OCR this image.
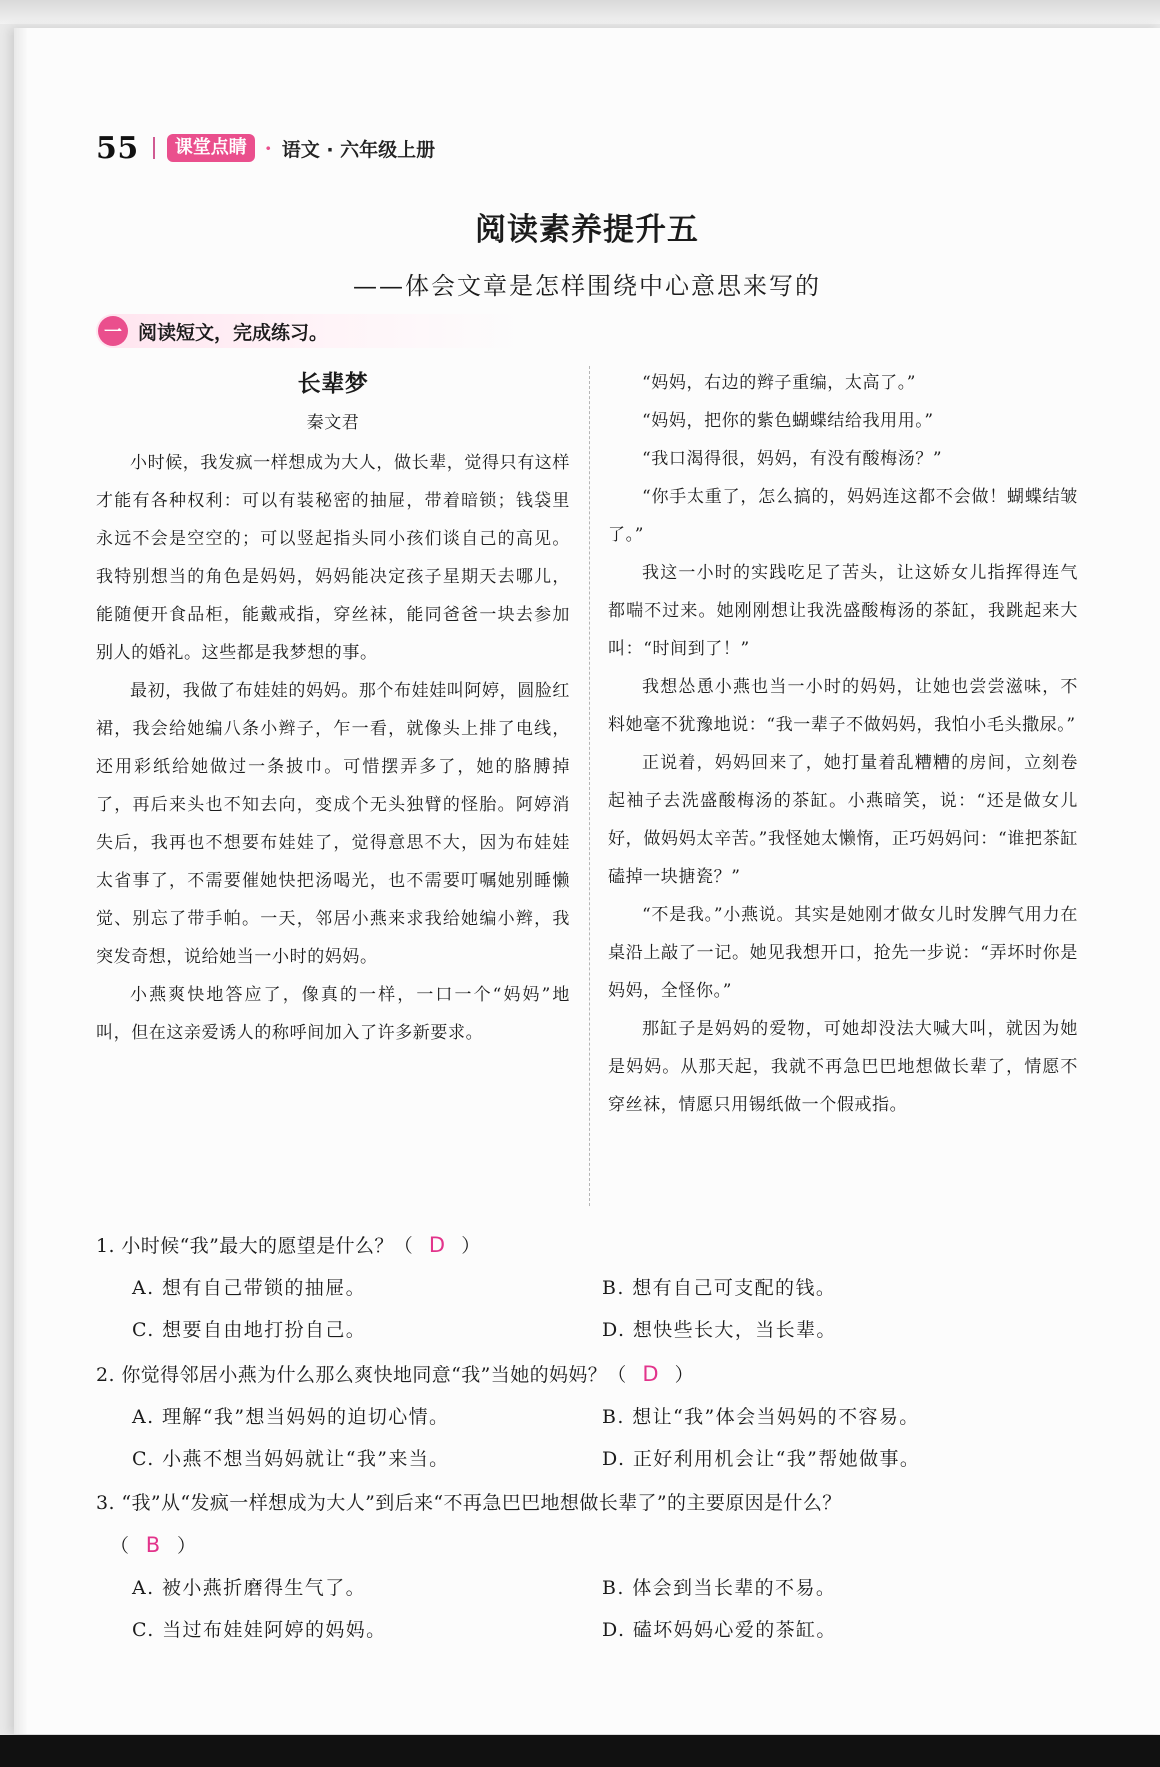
55	课堂点睛 · 语文 · 六年级上册
阅读素养提升五
——体会文章是怎样围绕中心意思来写的
一 阅读短文，完成练习。
长辈梦
秦文君

小时候，我发疯一样想成为大人，做长辈，觉得只有这样才能有各种权利：可以有装秘密的抽屉，带着暗锁；钱袋里永远不会是空空的；可以竖起指头同小孩们谈自己的高见。我特别想当的角色是妈妈，妈妈能决定孩子星期天去哪儿，能随便开食品柜，能戴戒指，穿丝袜，能同爸爸一块去参加别人的婚礼。这些都是我梦想的事。

最初，我做了布娃娃的妈妈。那个布娃娃叫阿婷，圆脸红裙，我会给她编八条小辫子，乍一看，就像头上排了电线，还用彩纸给她做过一条披巾。可惜摆弄多了，她的胳膊掉了，再后来头也不知去向，变成个无头独臂的怪胎。阿婷消失后，我再也不想要布娃娃了，觉得意思不大，因为布娃娃太省事了，不需要催她快把汤喝光，也不需要叮嘱她别睡懒觉、别忘了带手帕。一天，邻居小燕来求我给她编小辫，我突发奇想，说给她当一小时的妈妈。

小燕爽快地答应了，像真的一样，一口一个“妈妈”地叫，但在这亲爱诱人的称呼间加入了许多新要求。

“妈妈，右边的辫子重编，太高了。”

“妈妈，把你的紫色蝴蝶结给我用用。”

“我口渴得很，妈妈，有没有酸梅汤？”

“你手太重了，怎么搞的，妈妈连这都不会做！蝴蝶结皱了。”

我这一小时的实践吃足了苦头，让这娇女儿指挥得连气都喘不过来。她刚刚想让我洗盛酸梅汤的茶缸，我跳起来大叫：“时间到了！”

我想怂恿小燕也当一小时的妈妈，让她也尝尝滋味，不料她毫不犹豫地说：“我一辈子不做妈妈，我怕小毛头撒尿。”

正说着，妈妈回来了，她打量着乱糟糟的房间，立刻卷起袖子去洗盛酸梅汤的茶缸。小燕暗笑，说：“还是做女儿好，做妈妈太辛苦。”我怪她太懒惰，正巧妈妈问：“谁把茶缸磕掉一块搪瓷？”

“不是我。”小燕说。其实是她刚才做女儿时发脾气用力在桌沿上敲了一记。她见我想开口，抢先一步说：“弄坏时你是妈妈，全怪你。”

那缸子是妈妈的爱物，可她却没法大喊大叫，就因为她是妈妈。从那天起，我就不再急巴巴地想做长辈了，情愿不穿丝袜，情愿只用锡纸做一个假戒指。

1. 小时候“我”最大的愿望是什么？（ D ）
A. 想有自己带锁的抽屉。	B. 想有自己可支配的钱。
C. 想要自由地打扮自己。	D. 想快些长大，当长辈。
2. 你觉得邻居小燕为什么那么爽快地同意“我”当她的妈妈？（ D ）
A. 理解“我”想当妈妈的迫切心情。	B. 想让“我”体会当妈妈的不容易。
C. 小燕不想当妈妈就让“我”来当。	D. 正好利用机会让“我”帮她做事。
3. “我”从“发疯一样想成为大人”到后来“不再急巴巴地想做长辈了”的主要原因是什么？
（ B ）
A. 被小燕折磨得生气了。	B. 体会到当长辈的不易。
C. 当过布娃娃阿婷的妈妈。	D. 磕坏妈妈心爱的茶缸。
